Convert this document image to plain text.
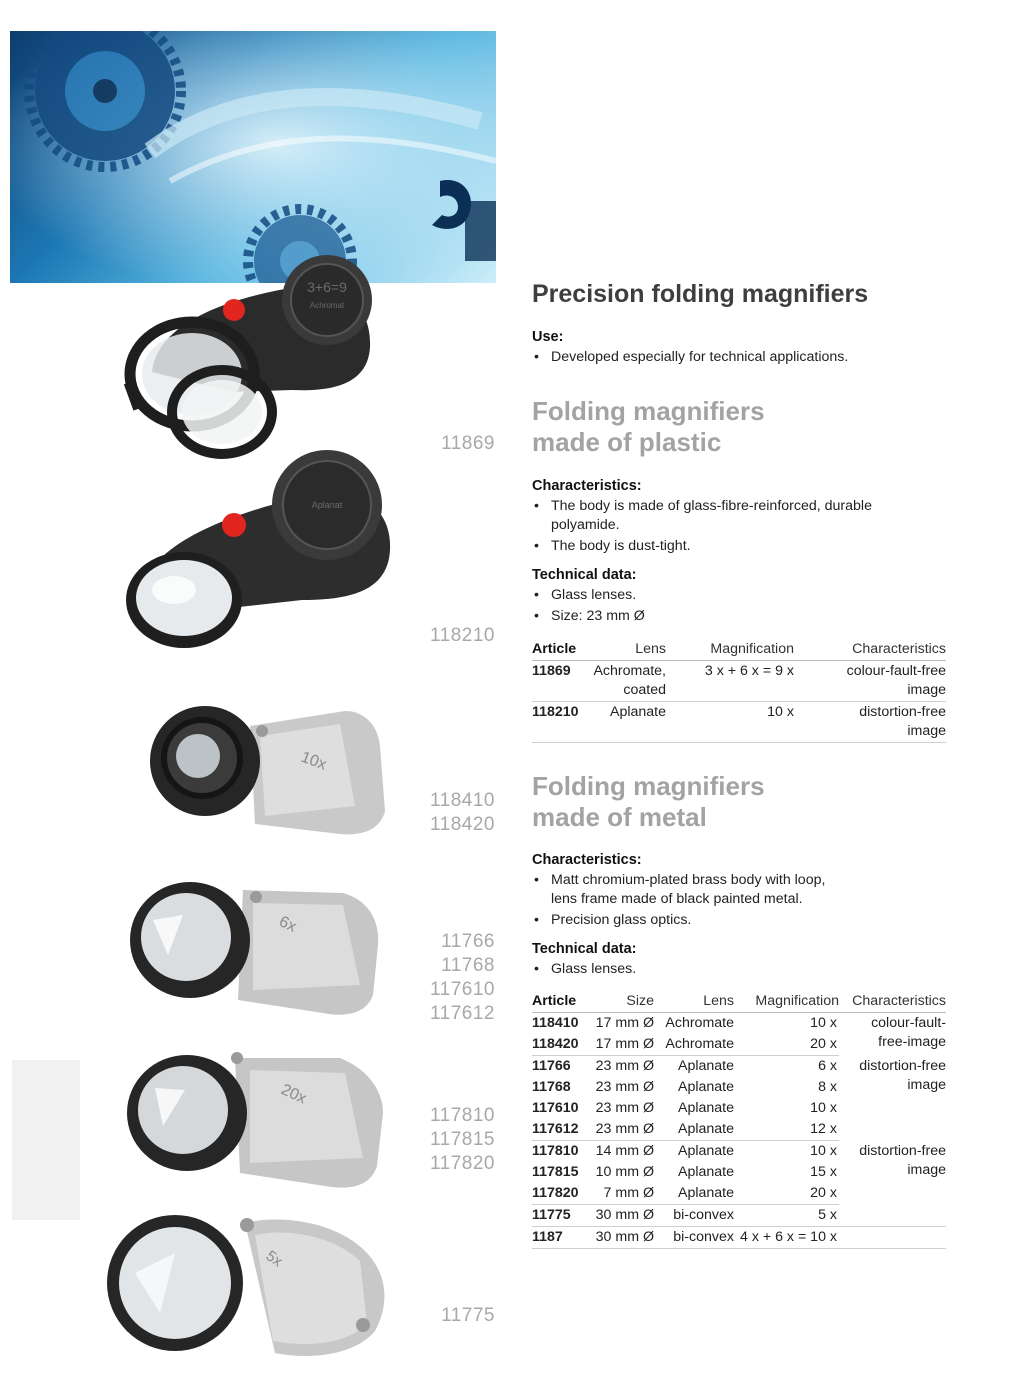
3+6=9
Achromat
Aplanat
10x
6x
20x
5x
11869
118210
118410
118420
11766
11768
117610
117612
117810
117815
117820
11775
Precision folding magnifiers

Use:

• Developed especially for technical applications.
Folding magnifiers
made of plastic

Characteristics:

• The body is made of glass-fibre-reinforced, durable polyamide.
• The body is dust-tight.

Technical data:

• Glass lenses.
• Size: 23 mm Ø
Article	Lens	Magnification	Characteristics
11869	Achromate, coated	3 x + 6 x = 9 x	colour-fault-free image
118210	Aplanate	10 x	distortion-free image
Folding magnifiers
made of metal

Characteristics:

• Matt chromium-plated brass body with loop, lens frame made of black painted metal.
• Precision glass optics.

Technical data:

• Glass lenses.
Article	Size	Lens	Magnification	Characteristics
118410	17 mm Ø	Achromate	10 x	colour-fault-free-image
118420	17 mm Ø	Achromate	20 x	
11766	23 mm Ø	Aplanate	6 x	distortion-free image
11768	23 mm Ø	Aplanate	8 x	
117610	23 mm Ø	Aplanate	10 x	
117612	23 mm Ø	Aplanate	12 x	
117810	14 mm Ø	Aplanate	10 x	distortion-free image
117815	10 mm Ø	Aplanate	15 x	
117820	7 mm Ø	Aplanate	20 x	
11775	30 mm Ø	bi-convex	5 x	
1187	30 mm Ø	bi-convex	4 x + 6 x = 10 x	
